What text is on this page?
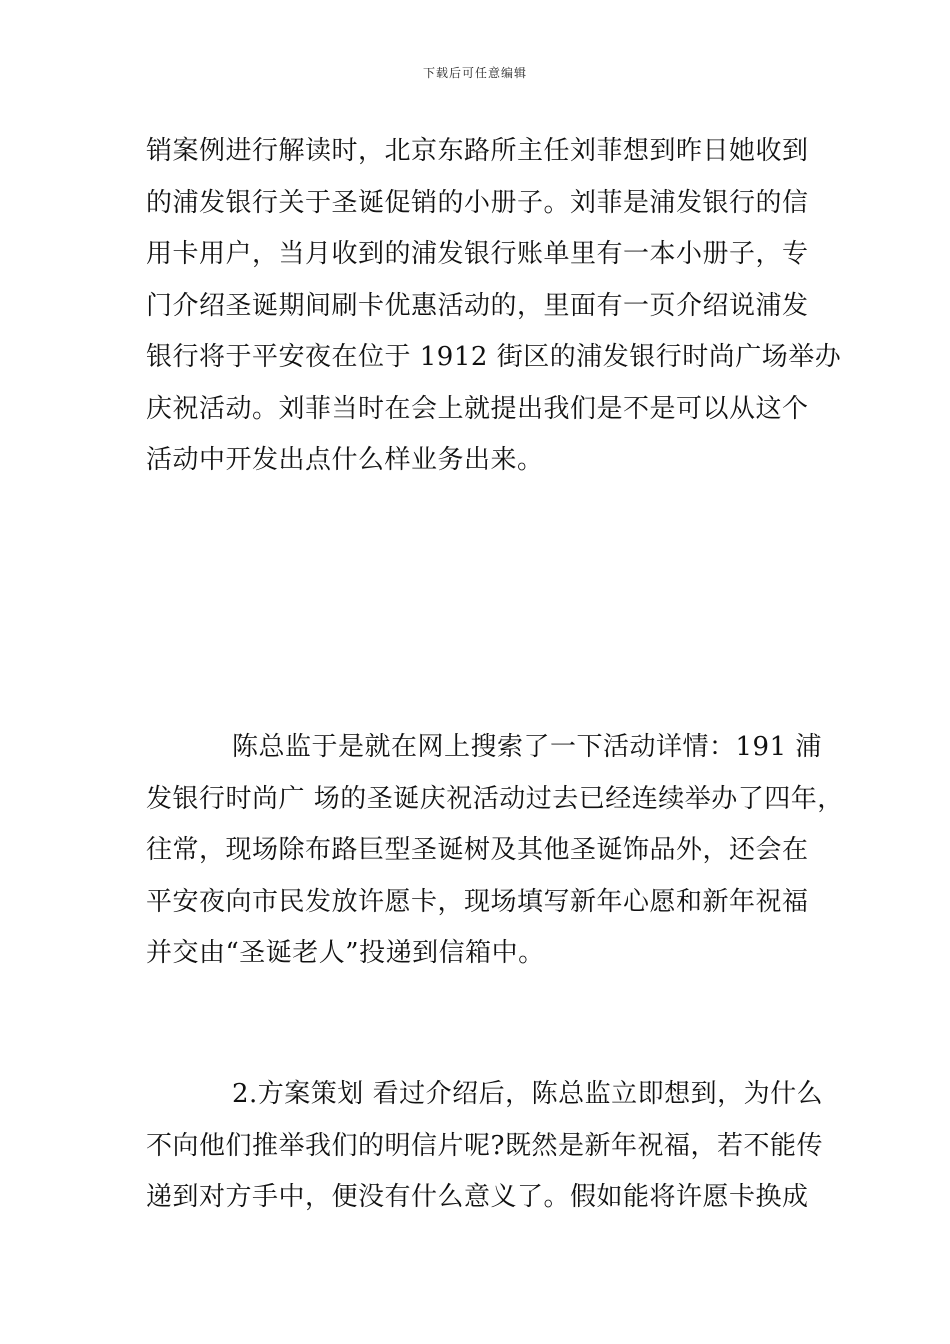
下载后可任意编辑
销案例进行解读时，北京东路所主任刘菲想到昨日她收到
的浦发银行关于圣诞促销的小册子。刘菲是浦发银行的信
用卡用户，当月收到的浦发银行账单里有一本小册子，专
门介绍圣诞期间刷卡优惠活动的，里面有一页介绍说浦发
银行将于平安夜在位于 1912 街区的浦发银行时尚广场举办
庆祝活动。刘菲当时在会上就提出我们是不是可以从这个
活动中开发出点什么样业务出来。
陈总监于是就在网上搜索了一下活动详情：191 浦
发银行时尚广 场的圣诞庆祝活动过去已经连续举办了四年，
往常，现场除布路巨型圣诞树及其他圣诞饰品外，还会在
平安夜向市民发放许愿卡，现场填写新年心愿和新年祝福
并交由“圣诞老人”投递到信箱中。
2.方案策划 看过介绍后，陈总监立即想到，为什么
不向他们推举我们的明信片呢?既然是新年祝福，若不能传
递到对方手中，便没有什么意义了。假如能将许愿卡换成
